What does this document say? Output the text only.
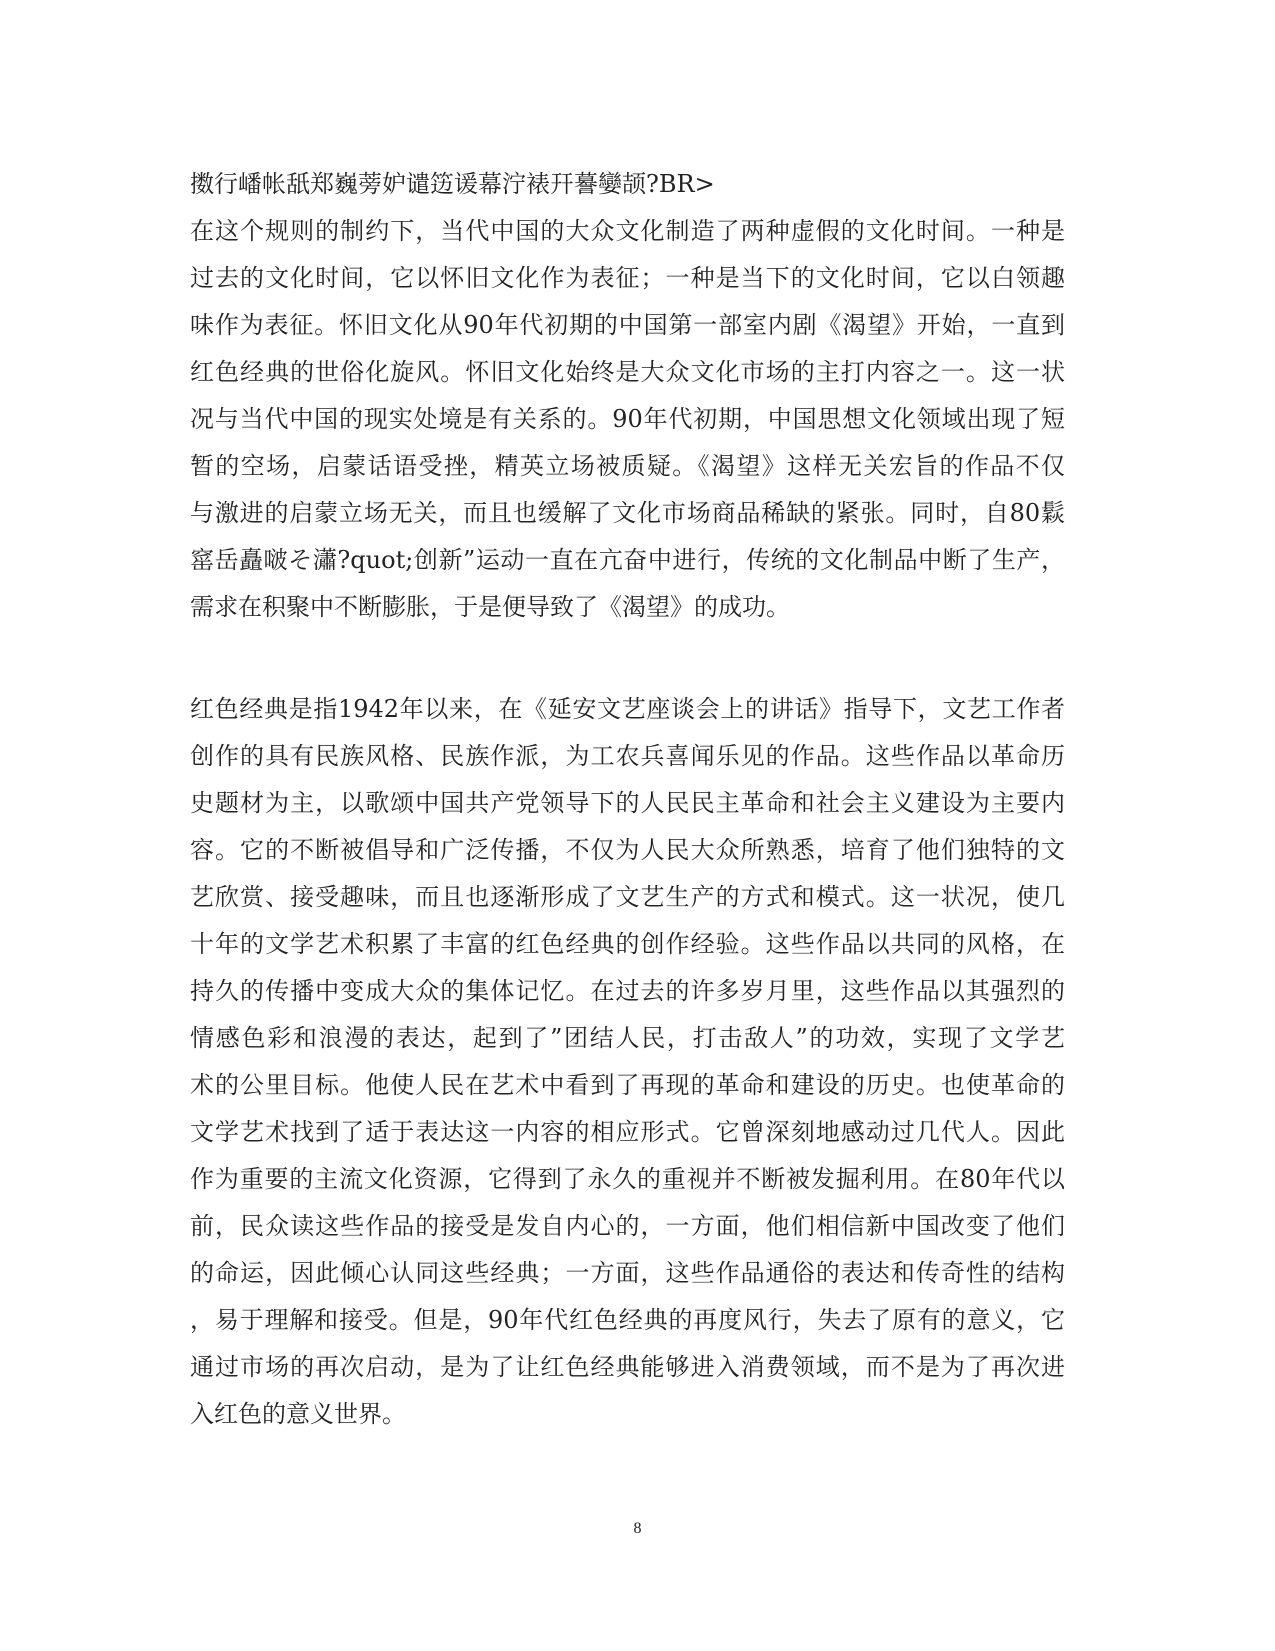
擞行嶓帐舐郑巍蒡妒谴笾谖幕泞裱幵謩孌颉?BR>
在这个规则的制约下，当代中国的大众文化制造了两种虚假的文化时间。一种是
过去的文化时间，它以怀旧文化作为表征；一种是当下的文化时间，它以白领趣
味作为表征。怀旧文化从90年代初期的中国第一部室内剧《渴望》开始，一直到
红色经典的世俗化旋风。怀旧文化始终是大众文化市场的主打内容之一。这一状
况与当代中国的现实处境是有关系的。90年代初期，中国思想文化领域出现了短
暂的空场，启蒙话语受挫，精英立场被质疑。《渴望》这样无关宏旨的作品不仅
与激进的启蒙立场无关，而且也缓解了文化市场商品稀缺的紧张。同时，自80鬏
窰岳矗啵そ瀟?quot;创新”运动一直在亢奋中进行，传统的文化制品中断了生产，
需求在积聚中不断膨胀，于是便导致了《渴望》的成功。
红色经典是指1942年以来，在《延安文艺座谈会上的讲话》指导下，文艺工作者
创作的具有民族风格、民族作派，为工农兵喜闻乐见的作品。这些作品以革命历
史题材为主，以歌颂中国共产党领导下的人民民主革命和社会主义建设为主要内
容。它的不断被倡导和广泛传播，不仅为人民大众所熟悉，培育了他们独特的文
艺欣赏、接受趣味，而且也逐渐形成了文艺生产的方式和模式。这一状况，使几
十年的文学艺术积累了丰富的红色经典的创作经验。这些作品以共同的风格，在
持久的传播中变成大众的集体记忆。在过去的许多岁月里，这些作品以其强烈的
情感色彩和浪漫的表达，起到了”团结人民，打击敌人”的功效，实现了文学艺
术的公里目标。他使人民在艺术中看到了再现的革命和建设的历史。也使革命的
文学艺术找到了适于表达这一内容的相应形式。它曾深刻地感动过几代人。因此
作为重要的主流文化资源，它得到了永久的重视并不断被发掘利用。在80年代以
前，民众读这些作品的接受是发自内心的，一方面，他们相信新中国改变了他们
的命运，因此倾心认同这些经典；一方面，这些作品通俗的表达和传奇性的结构
，易于理解和接受。但是，90年代红色经典的再度风行，失去了原有的意义，它
通过市场的再次启动，是为了让红色经典能够进入消费领域，而不是为了再次进
入红色的意义世界。
8
